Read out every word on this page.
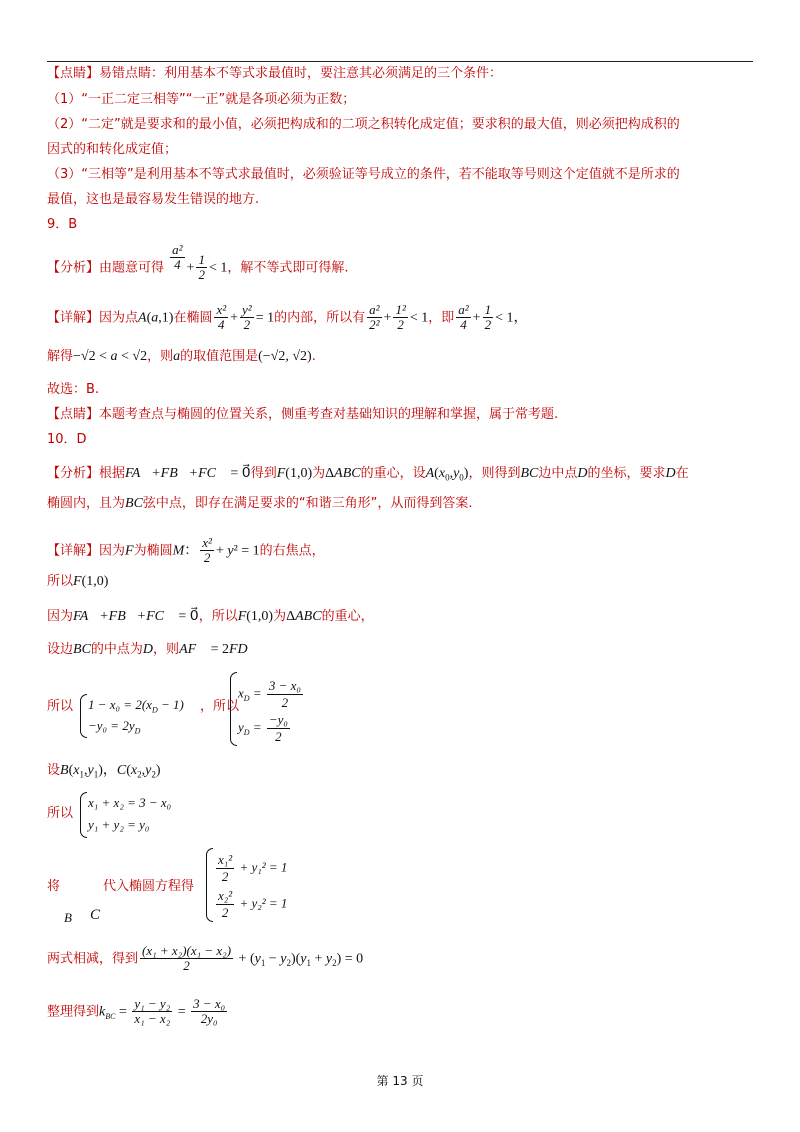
【点睛】易错点睛：利用基本不等式求最值时，要注意其必须满足的三个条件：
（1）“一正二定三相等”“一正”就是各项必须为正数；
（2）“二定”就是要求和的最小值，必须把构成和的二项之积转化成定值；要求积的最大值，则必须把构成积的
因式的和转化成定值；
（3）“三相等”是利用基本不等式求最值时，必须验证等号成立的条件，若不能取等号则这个定值就不是所求的
最值，这也是最容易发生错误的地方.
9．B
【分析】由题意可得 $\frac{\text{a²}}{4} + \frac{1}{2} < 1$，解不等式即可得解.
【详解】因为点A(a,1)在椭圆 $\frac{\text{x²}}{4} + \frac{\text{y²}}{2} = 1$的内部，所以有 $\frac{\text{a²}}{\text{2²}} + \frac{\text{1²}}{2} < 1$，即 $\frac{\text{a²}}{4} + \frac{1}{2} < 1$，
解得−√2 < a < √2，则a的取值范围是(−√2, √2).
故选：B.
【点睛】本题考查点与椭圆的位置关系，侧重考查对基础知识的理解和掌握，属于常考题.
10．D
【分析】根据FA⃗+FB⃗+FC⃗ = 0⃗得到F(1,0)为ΔABC的重心，设$A(x_0,y_0)$，则得到BC边中点D的坐标，要求D在
椭圆内，且为BC弦中点，即存在满足要求的“和谐三角形”，从而得到答案.
【详解】因为F为椭圆M： $\frac{\text{x²}}{2} + y^2 = 1$的右焦点，
所以F(1,0)
因为FA⃗+FB⃗+FC⃗ = 0⃗，所以F(1,0)为ΔABC的重心，
设边BC的中点为D，则AF⃗ = 2FD⃗
所以 $1 - x_0 = 2(x_D - 1)$
$-y_0 = 2y_D$
，所以
$x_D = \frac{\text{3 − x₀}}{2}$
$y_D = \frac{\text{−y₀}}{2}$
设$B(x_1,y_1)$，$C(x_2,y_2)$
所以
x₁ + x₂ = 3 − x₀
y₁ + y₂ = y₀
将	代入椭圆方程得
B C
$\frac{\text{x₁²}}{2} + y_1^2 = 1$
$\frac{\text{x₂²}}{2} + y_2^2 = 1$
两式相减，得到 $\frac{\text{(x₁ + x₂)(x₁ − x₂)}}{2} + (y_1 - y_2)(y_1 + y_2) = 0$
整理得到$k_{BC} = \frac{\text{y₁ − y₂}}{\text{x₁ − x₂}} = \frac{\text{3 − x₀}}{\text{2y₀}}$
第 13 页
